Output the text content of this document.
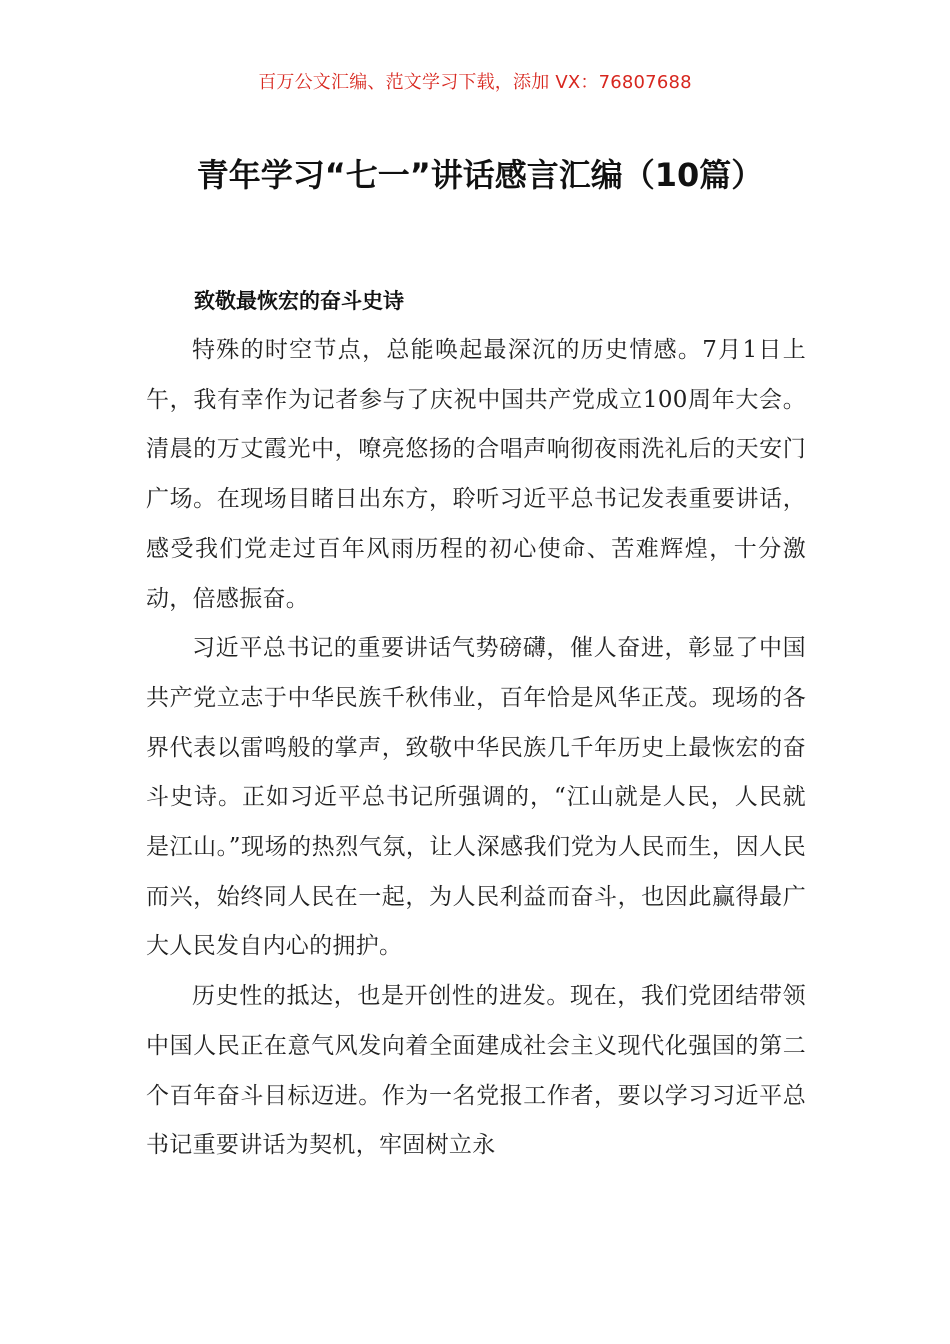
百万公文汇编、范文学习下载，添加 VX：76807688
青年学习“七一”讲话感言汇编（10篇）

致敬最恢宏的奋斗史诗

特殊的时空节点，总能唤起最深沉的历史情感。7月1日上午，我有幸作为记者参与了庆祝中国共产党成立100周年大会。清晨的万丈霞光中，嘹亮悠扬的合唱声响彻夜雨洗礼后的天安门广场。在现场目睹日出东方，聆听习近平总书记发表重要讲话，感受我们党走过百年风雨历程的初心使命、苦难辉煌，十分激动，倍感振奋。

习近平总书记的重要讲话气势磅礴，催人奋进，彰显了中国共产党立志于中华民族千秋伟业，百年恰是风华正茂。现场的各界代表以雷鸣般的掌声，致敬中华民族几千年历史上最恢宏的奋斗史诗。正如习近平总书记所强调的，“江山就是人民，人民就是江山。”现场的热烈气氛，让人深感我们党为人民而生，因人民而兴，始终同人民在一起，为人民利益而奋斗，也因此赢得最广大人民发自内心的拥护。

历史性的抵达，也是开创性的进发。现在，我们党团结带领中国人民正在意气风发向着全面建成社会主义现代化强国的第二个百年奋斗目标迈进。作为一名党报工作者，要以学习习近平总书记重要讲话为契机，牢固树立永
